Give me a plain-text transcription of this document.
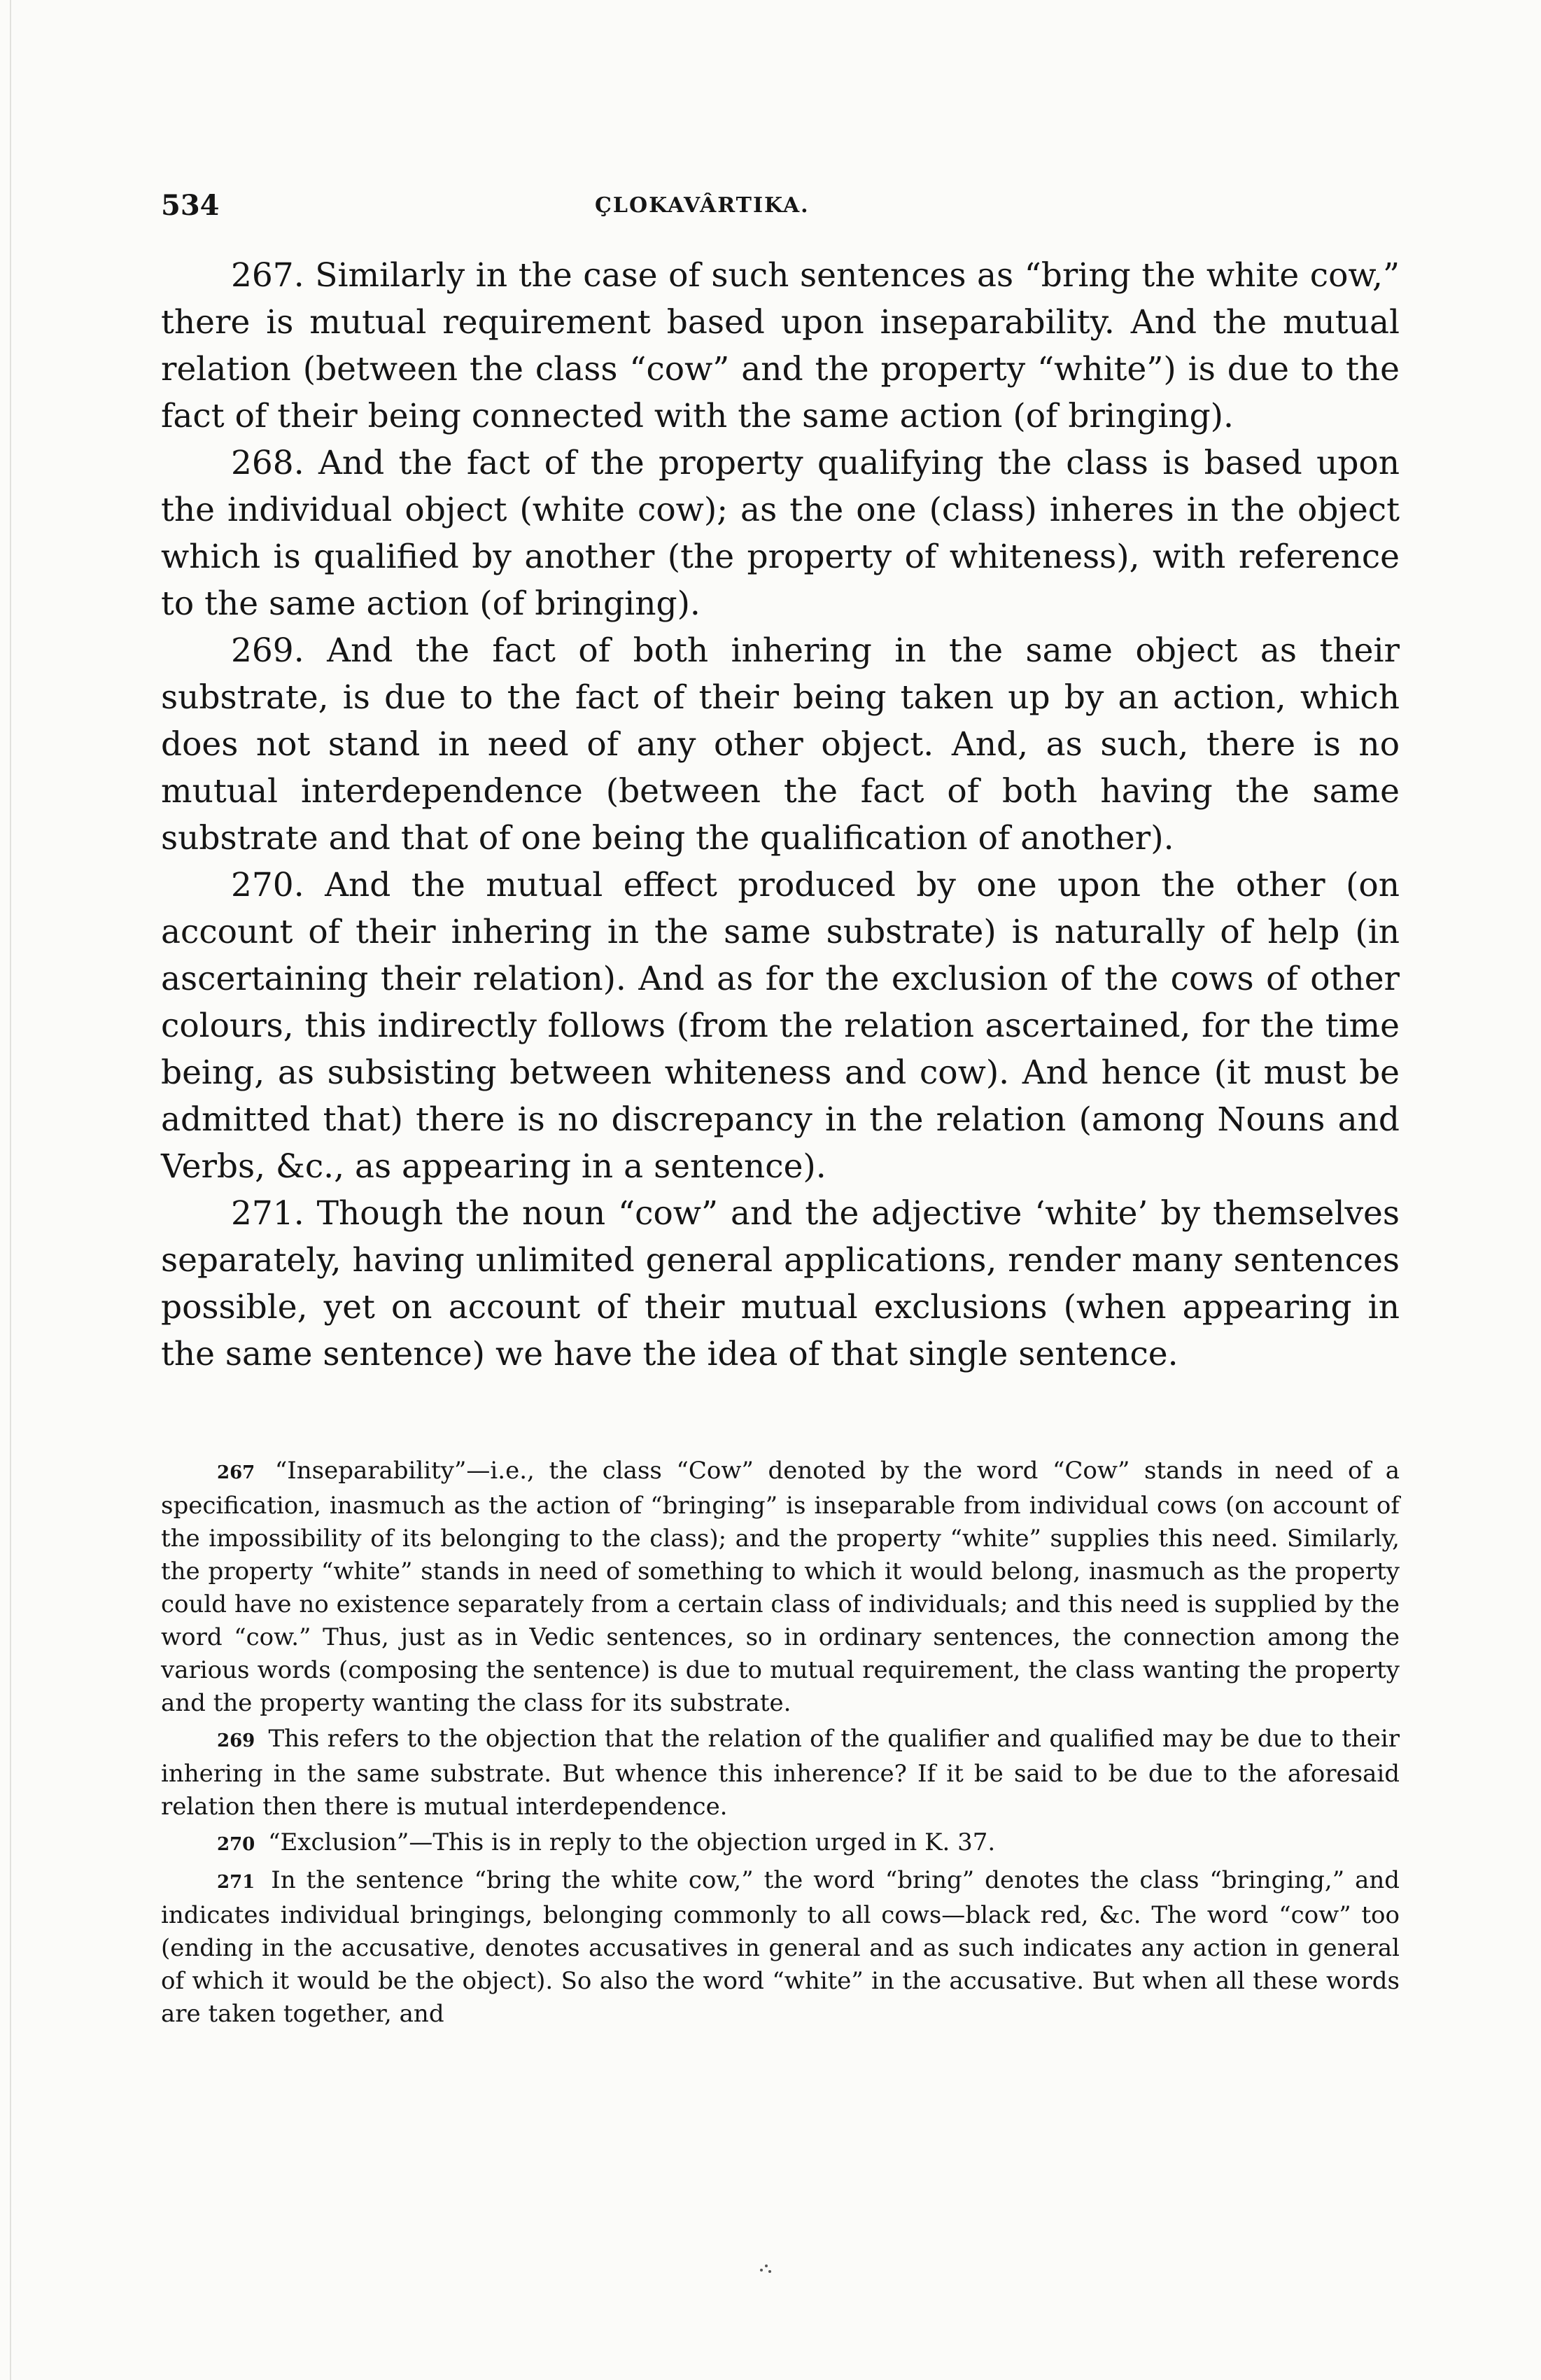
534	ÇLOKAVÂRTIKA.

267. Similarly in the case of such sentences as “bring the white cow,” there is mutual requirement based upon inseparability. And the mutual relation (between the class “cow” and the property “white”) is due to the fact of their being connected with the same action (of bringing).

268. And the fact of the property qualifying the class is based upon the individual object (white cow); as the one (class) inheres in the object which is qualified by another (the property of whiteness), with reference to the same action (of bringing).

269. And the fact of both inhering in the same object as their substrate, is due to the fact of their being taken up by an action, which does not stand in need of any other object. And, as such, there is no mutual interdependence (between the fact of both having the same substrate and that of one being the qualification of another).

270. And the mutual effect produced by one upon the other (on account of their inhering in the same substrate) is naturally of help (in ascertaining their relation). And as for the exclusion of the cows of other colours, this indirectly follows (from the relation ascertained, for the time being, as subsisting between whiteness and cow). And hence (it must be admitted that) there is no discrepancy in the relation (among Nouns and Verbs, &c., as appearing in a sentence).

271. Though the noun “cow” and the adjective ‘white’ by themselves separately, having unlimited general applications, render many sentences possible, yet on account of their mutual exclusions (when appearing in the same sentence) we have the idea of that single sentence.

267 “Inseparability”—i.e., the class “Cow” denoted by the word “Cow” stands in need of a specification, inasmuch as the action of “bringing” is inseparable from individual cows (on account of the impossibility of its belonging to the class); and the property “white” supplies this need. Similarly, the property “white” stands in need of something to which it would belong, inasmuch as the property could have no existence separately from a certain class of individuals; and this need is supplied by the word “cow.” Thus, just as in Vedic sentences, so in ordinary sentences, the connection among the various words (composing the sentence) is due to mutual requirement, the class wanting the property and the property wanting the class for its substrate.

269 This refers to the objection that the relation of the qualifier and qualified may be due to their inhering in the same substrate. But whence this inherence? If it be said to be due to the aforesaid relation then there is mutual interdependence.

270 “Exclusion”—This is in reply to the objection urged in K. 37.

271 In the sentence “bring the white cow,” the word “bring” denotes the class “bringing,” and indicates individual bringings, belonging commonly to all cows—black red, &c. The word “cow” too (ending in the accusative, denotes accusatives in general and as such indicates any action in general of which it would be the object). So also the word “white” in the accusative. But when all these words are taken together, and
